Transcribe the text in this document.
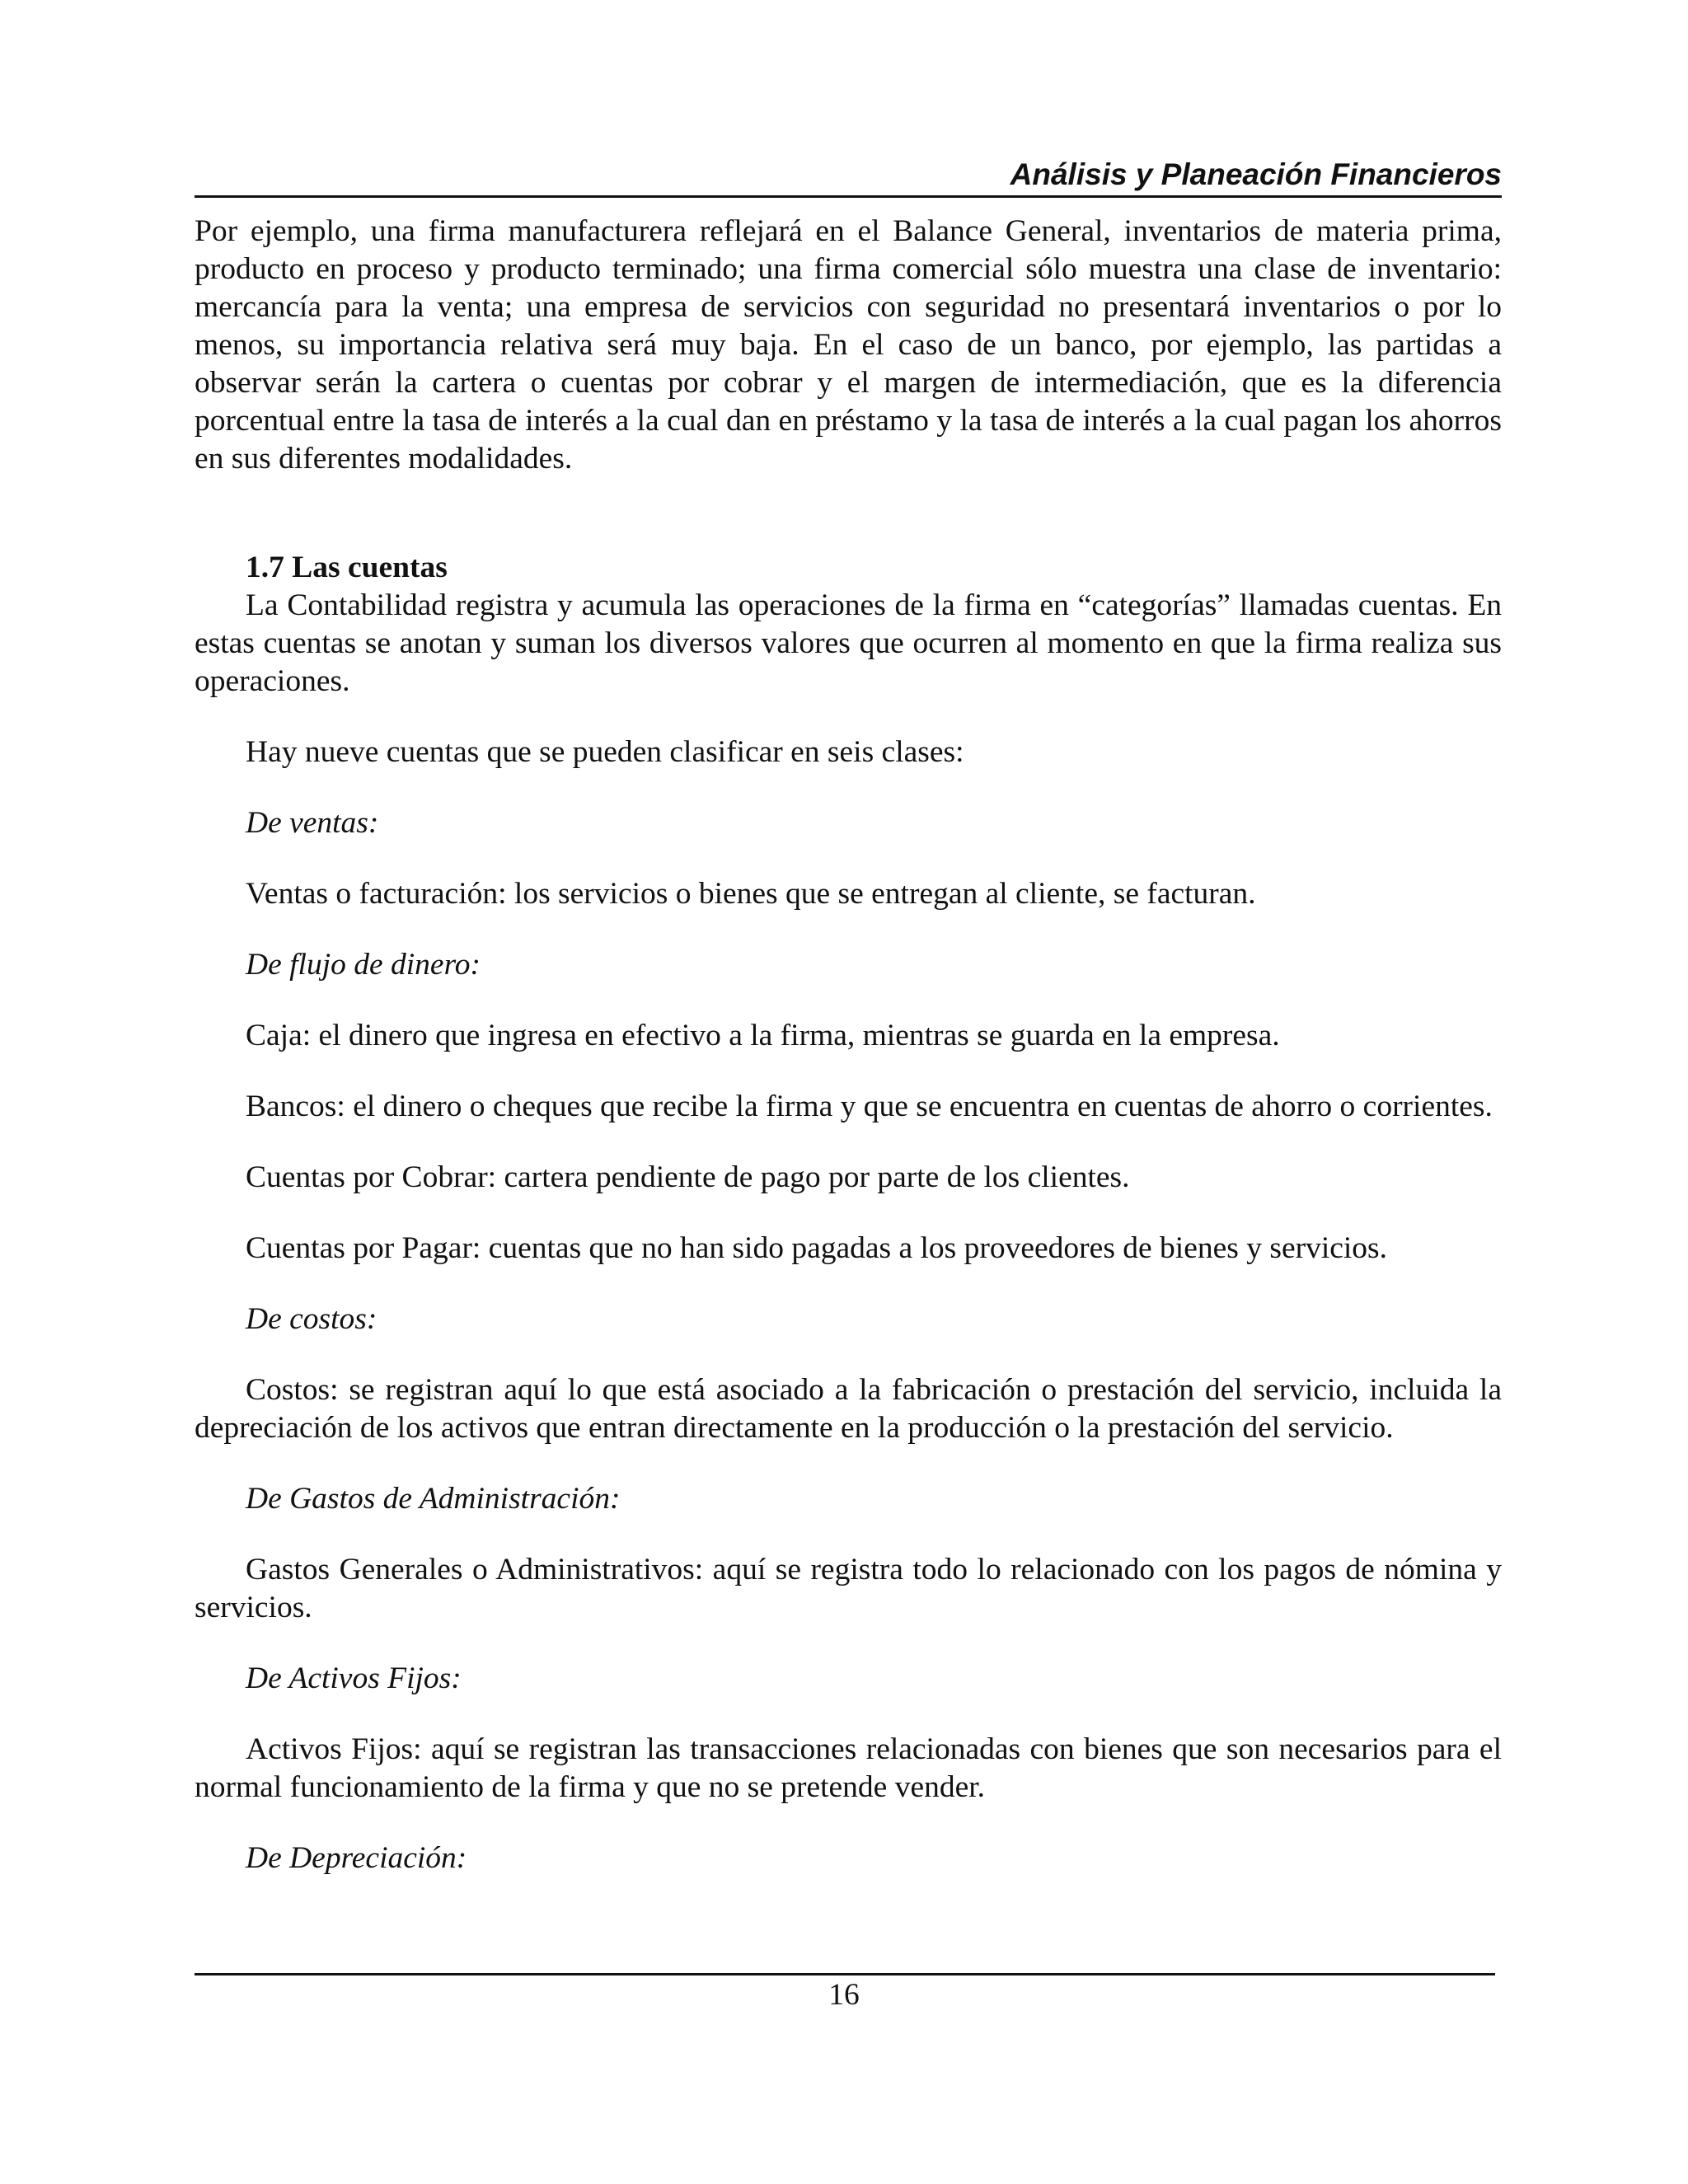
Análisis y Planeación Financieros

Por ejemplo, una firma manufacturera reflejará en el Balance General, inventarios de materia prima, producto en proceso y producto terminado; una firma comercial sólo muestra una clase de inventario: mercancía para la venta; una empresa de servicios con seguridad no presentará inventarios o por lo menos, su importancia relativa será muy baja. En el caso de un banco, por ejemplo, las partidas a observar serán la cartera o cuentas por cobrar y el margen de intermediación, que es la diferencia porcentual entre la tasa de interés a la cual dan en préstamo y la tasa de interés a la cual pagan los ahorros en sus diferentes modalidades.

1.7 Las cuentas

La Contabilidad registra y acumula las operaciones de la firma en “categorías” llamadas cuentas. En estas cuentas se anotan y suman los diversos valores que ocurren al momento en que la firma realiza sus operaciones.

Hay nueve cuentas que se pueden clasificar en seis clases:

De ventas:

Ventas o facturación: los servicios o bienes que se entregan al cliente, se facturan.

De flujo de dinero:

Caja: el dinero que ingresa en efectivo a la firma, mientras se guarda en la empresa.

Bancos: el dinero o cheques que recibe la firma y que se encuentra en cuentas de ahorro o corrientes.

Cuentas por Cobrar: cartera pendiente de pago por parte de los clientes.

Cuentas por Pagar: cuentas que no han sido pagadas a los proveedores de bienes y servicios.

De costos:

Costos: se registran aquí lo que está asociado a la fabricación o prestación del servicio, incluida la depreciación de los activos que entran directamente en la producción o la prestación del servicio.

De Gastos de Administración:

Gastos Generales o Administrativos: aquí se registra todo lo relacionado con los pagos de nómina y servicios.

De Activos Fijos:

Activos Fijos: aquí se registran las transacciones relacionadas con bienes que son necesarios para el normal funcionamiento de la firma y que no se pretende vender.

De Depreciación:

16
